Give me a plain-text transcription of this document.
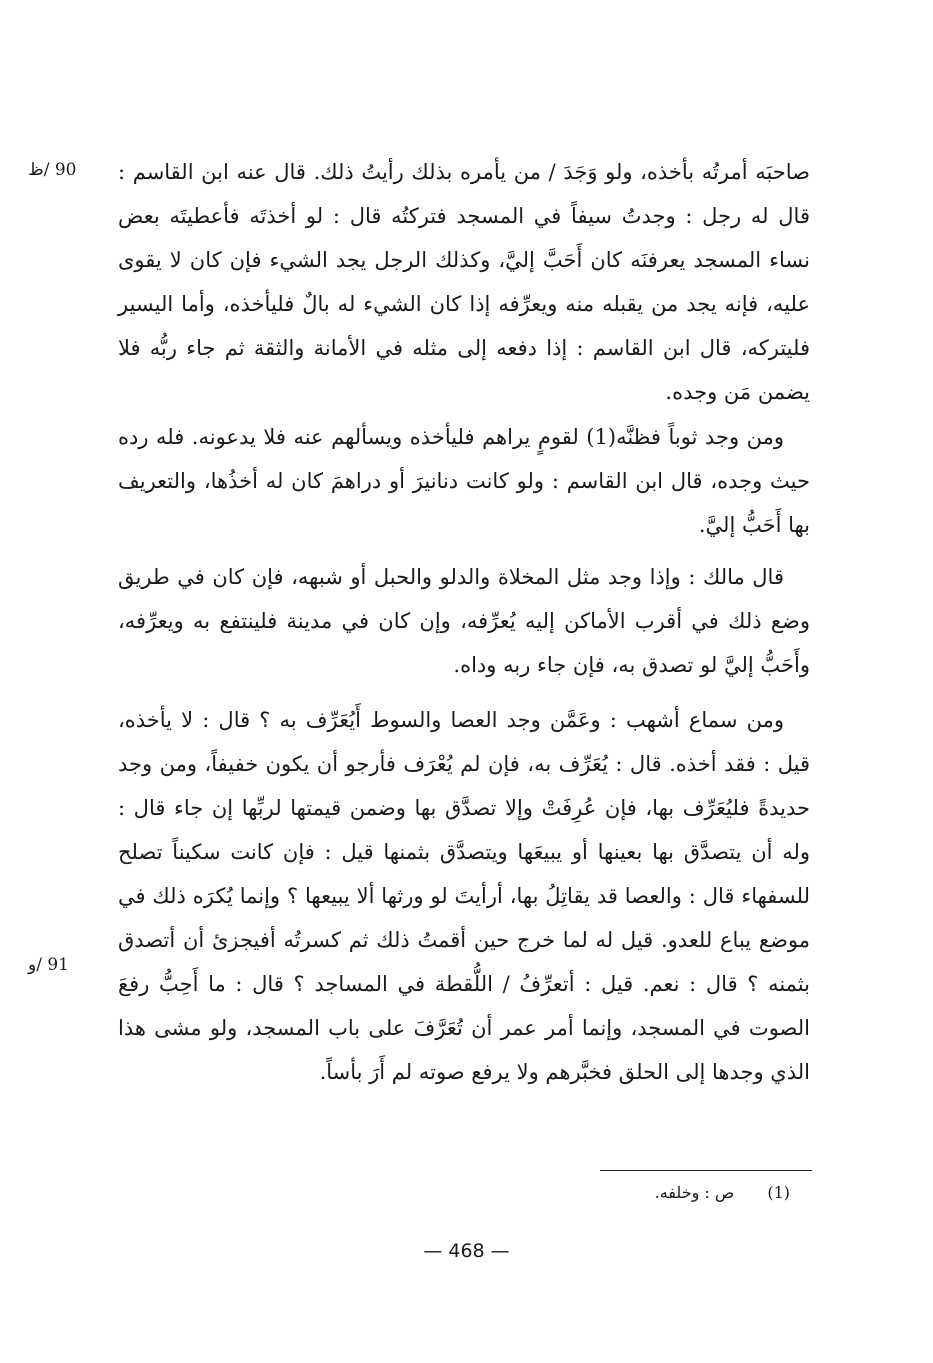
90 /ظ
91 /و

صاحبَه أمرتُه بأخذه، ولو وَجَدَ / من يأمره بذلك رأيتُ ذلك. قال عنه ابن القاسم : قال له رجل : وجدتُ سيفاً في المسجد فتركتُه قال : لو أخذتَه فأعطيتَه بعض نساء المسجد يعرفنَه كان أَحَبَّ إليَّ، وكذلك الرجل يجد الشيء فإن كان لا يقوى عليه، فإنه يجد من يقبله منه ويعرِّفه إذا كان الشيء له بالٌ فليأخذه، وأما اليسير فليتركه، قال ابن القاسم : إذا دفعه إلى مثله في الأمانة والثقة ثم جاء ربُّه فلا يضمن مَن وجده.

ومن وجد ثوباً فظنَّه(1) لقومٍ يراهم فليأخذه ويسألهم عنه فلا يدعونه. فله رده حيث وجده، قال ابن القاسم : ولو كانت دنانيرَ أو دراهمَ كان له أخذُها، والتعريف بها أَحَبُّ إليَّ.

قال مالك : وإذا وجد مثل المخلاة والدلو والحبل أو شبهه، فإن كان في طريق وضع ذلك في أقرب الأماكن إليه يُعرِّفه، وإن كان في مدينة فلينتفع به ويعرِّفه، وأَحَبُّ إليَّ لو تصدق به، فإن جاء ربه وداه.

ومن سماع أشهب : وعَمَّن وجد العصا والسوط أَيُعَرِّف به ؟ قال : لا يأخذه، قيل : فقد أخذه. قال : يُعَرِّف به، فإن لم يُعْرَف فأرجو أن يكون خفيفاً، ومن وجد حديدةً فليُعَرِّف بها، فإن عُرِفَتْ وإلا تصدَّق بها وضمن قيمتها لربِّها إن جاء قال : وله أن يتصدَّق بها بعينها أو يبيعَها ويتصدَّق بثمنها قيل : فإن كانت سكيناً تصلح للسفهاء قال : والعصا قد يقاتِلُ بها، أرأيتَ لو ورثها ألا يبيعها ؟ وإنما يُكرَه ذلك في موضع يباع للعدو. قيل له لما خرج حين أقمتُ ذلك ثم كسرتُه أفيجزئ أن أتصدق بثمنه ؟ قال : نعم. قيل : أتعرِّفُ / اللُّقطة في المساجد ؟ قال : ما أَحِبُّ رفعَ الصوت في المسجد، وإنما أمر عمر أن تُعَرَّفَ على باب المسجد، ولو مشى هذا الذي وجدها إلى الحلق فخبَّرهم ولا يرفع صوته لم أَرَ بأساً.

(1) ص : وخلفه.
— 468 —
